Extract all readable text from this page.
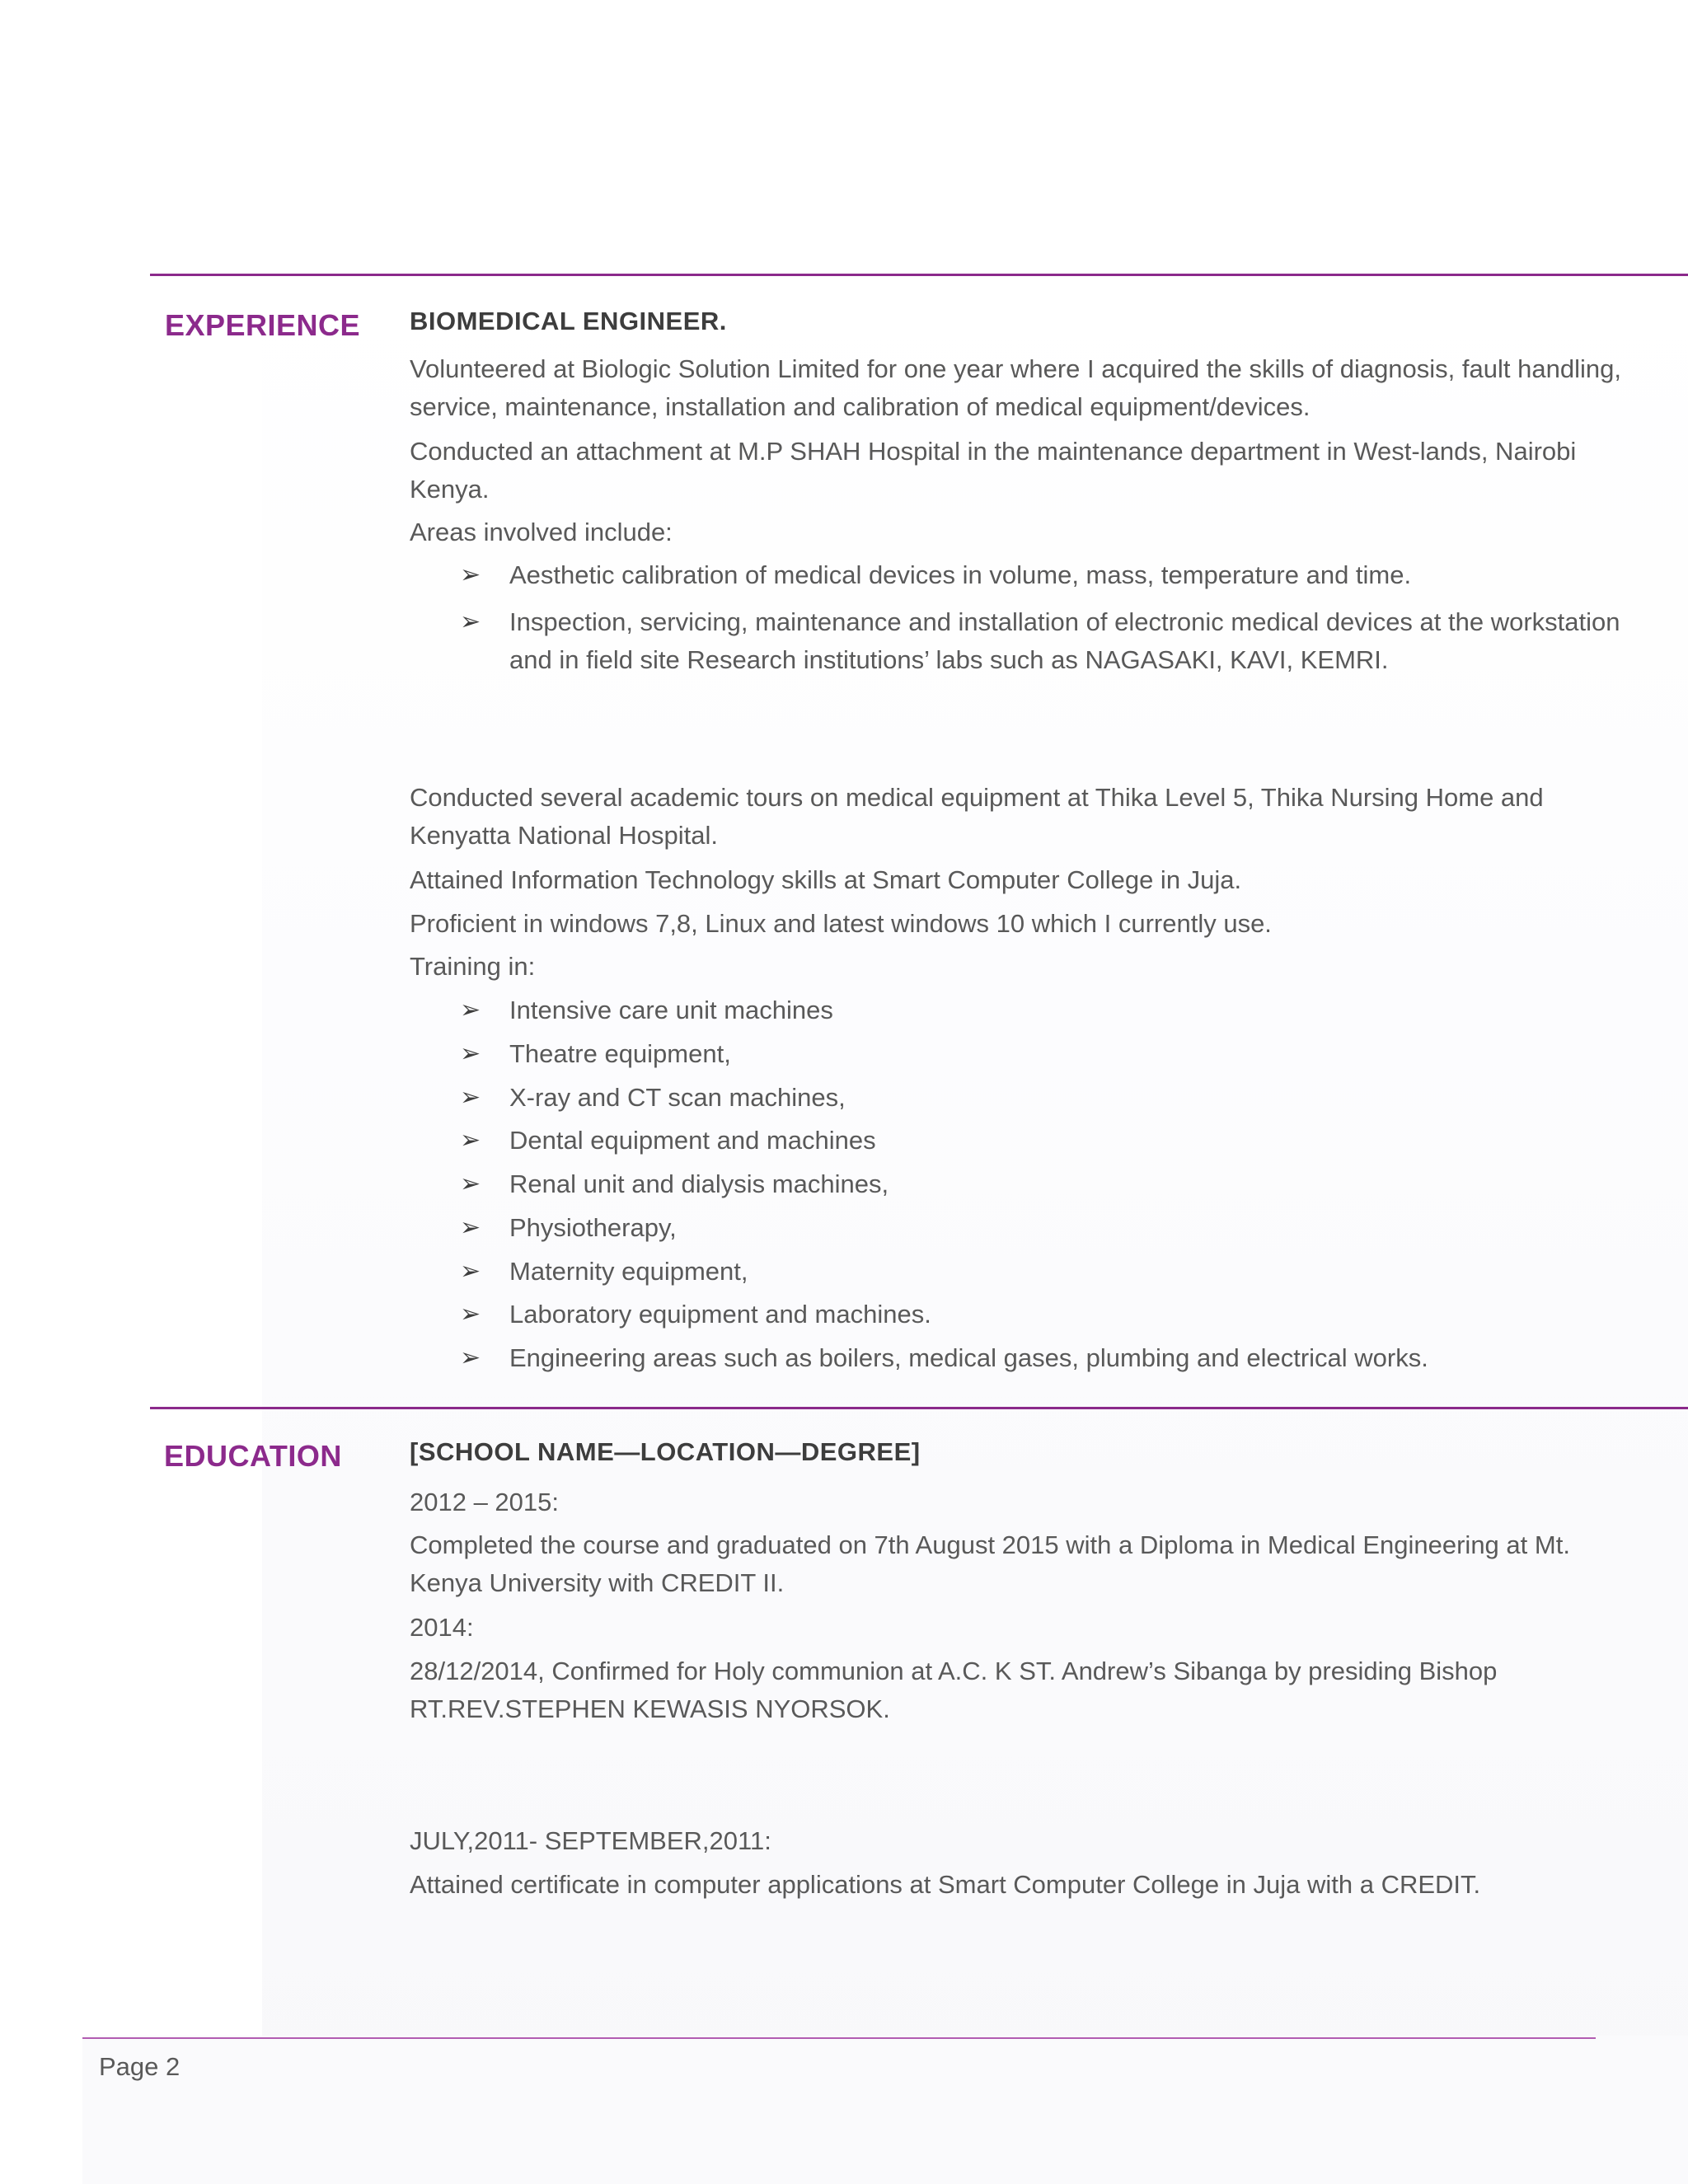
EXPERIENCE BIOMEDICAL ENGINEER.
Volunteered at Biologic Solution Limited for one year where I acquired the skills of diagnosis, fault handling, service, maintenance, installation and calibration of medical equipment/devices.
Conducted an attachment at M.P SHAH Hospital in the maintenance department in West-lands, Nairobi Kenya.
Areas involved include:
➢ Aesthetic calibration of medical devices in volume, mass, temperature and time.
➢ Inspection, servicing, maintenance and installation of electronic medical devices at the workstation and in field site Research institutions’ labs such as NAGASAKI, KAVI, KEMRI.
Conducted several academic tours on medical equipment at Thika Level 5, Thika Nursing Home and Kenyatta National Hospital.
Attained Information Technology skills at Smart Computer College in Juja.
Proficient in windows 7,8, Linux and latest windows 10 which I currently use.
Training in:
➢ Intensive care unit machines
➢ Theatre equipment,
➢ X-ray and CT scan machines,
➢ Dental equipment and machines
➢ Renal unit and dialysis machines,
➢ Physiotherapy,
➢ Maternity equipment,
➢ Laboratory equipment and machines.
➢ Engineering areas such as boilers, medical gases, plumbing and electrical works.
EDUCATION	[SCHOOL NAME—LOCATION—DEGREE]
2012 – 2015:
Completed the course and graduated on 7th August 2015 with a Diploma in Medical Engineering at Mt. Kenya University with CREDIT II.
2014:
28/12/2014, Confirmed for Holy communion at A.C. K ST. Andrew’s Sibanga by presiding Bishop RT.REV.STEPHEN KEWASIS NYORSOK.
JULY,2011- SEPTEMBER,2011:
Attained certificate in computer applications at Smart Computer College in Juja with a CREDIT.
Page 2
